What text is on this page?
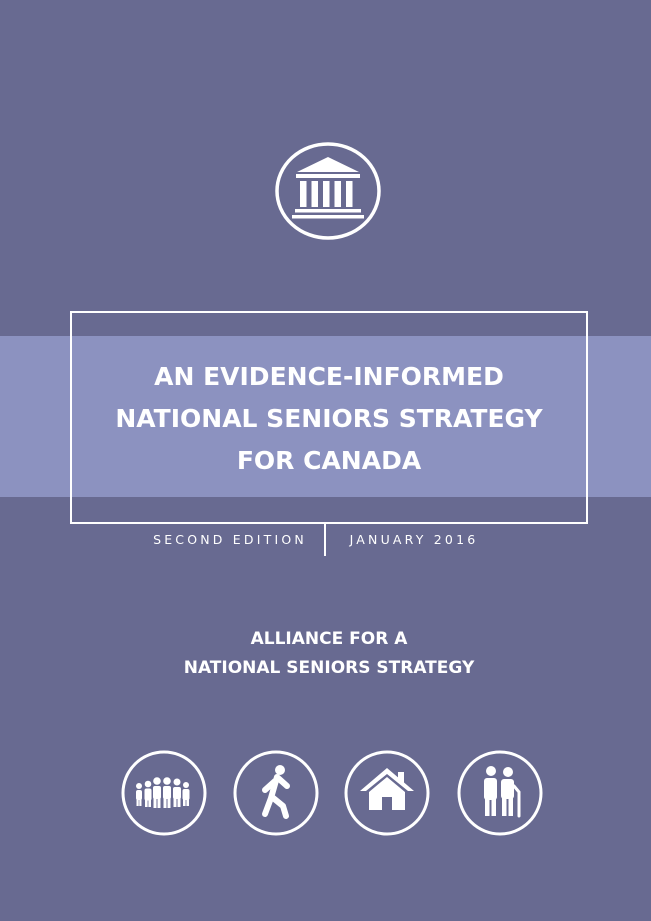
AN EVIDENCE-INFORMED
NATIONAL SENIORS STRATEGY
FOR CANADA
SECOND EDITION	JANUARY 2016
ALLIANCE FOR A
NATIONAL SENIORS STRATEGY
